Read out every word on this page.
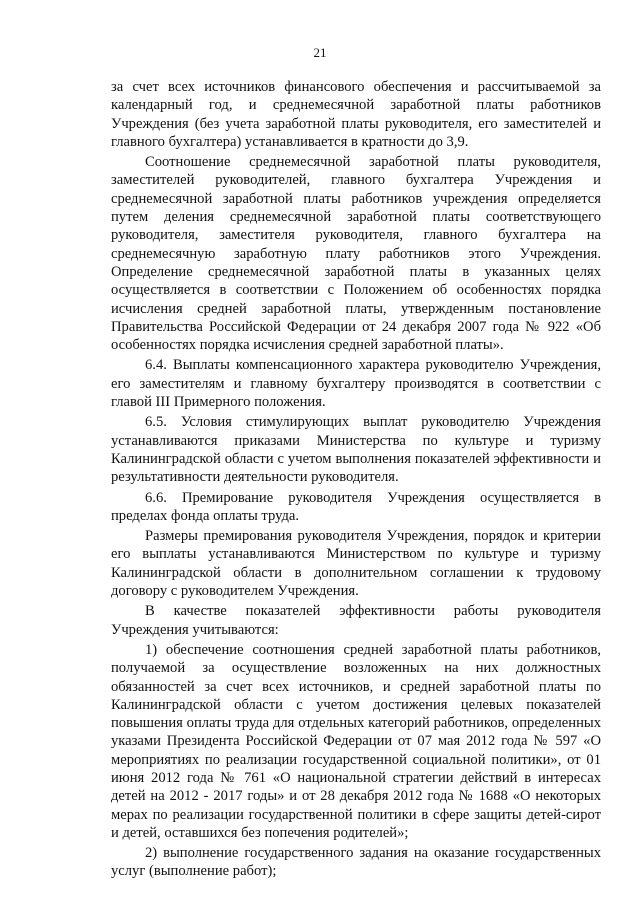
21

за счет всех источников финансового обеспечения и рассчитываемой за календарный год, и среднемесячной заработной платы работников Учреждения (без учета заработной платы руководителя, его заместителей и главного бухгалтера) устанавливается в кратности до 3,9.

Соотношение среднемесячной заработной платы руководителя, заместителей руководителей, главного бухгалтера Учреждения и среднемесячной заработной платы работников учреждения определяется путем деления среднемесячной заработной платы соответствующего руководителя, заместителя руководителя, главного бухгалтера на среднемесячную заработную плату работников этого Учреждения. Определение среднемесячной заработной платы в указанных целях осуществляется в соответствии с Положением об особенностях порядка исчисления средней заработной платы, утвержденным постановление Правительства Российской Федерации от 24 декабря 2007 года № 922 «Об особенностях порядка исчисления средней заработной платы».

6.4. Выплаты компенсационного характера руководителю Учреждения, его заместителям и главному бухгалтеру производятся в соответствии с главой III Примерного положения.

6.5. Условия стимулирующих выплат руководителю Учреждения устанавливаются приказами Министерства по культуре и туризму Калининградской области с учетом выполнения показателей эффективности и результативности деятельности руководителя.

6.6. Премирование руководителя Учреждения осуществляется в пределах фонда оплаты труда.

Размеры премирования руководителя Учреждения, порядок и критерии его выплаты устанавливаются Министерством по культуре и туризму Калининградской области в дополнительном соглашении к трудовому договору с руководителем Учреждения.

В качестве показателей эффективности работы руководителя Учреждения учитываются:

1) обеспечение соотношения средней заработной платы работников, получаемой за осуществление возложенных на них должностных обязанностей за счет всех источников, и средней заработной платы по Калининградской области с учетом достижения целевых показателей повышения оплаты труда для отдельных категорий работников, определенных указами Президента Российской Федерации от 07 мая 2012 года № 597 «О мероприятиях по реализации государственной социальной политики», от 01 июня 2012 года № 761 «О национальной стратегии действий в интересах детей на 2012 - 2017 годы» и от 28 декабря 2012 года № 1688 «О некоторых мерах по реализации государственной политики в сфере защиты детей-сирот и детей, оставшихся без попечения родителей»;

2) выполнение государственного задания на оказание государственных услуг (выполнение работ);
